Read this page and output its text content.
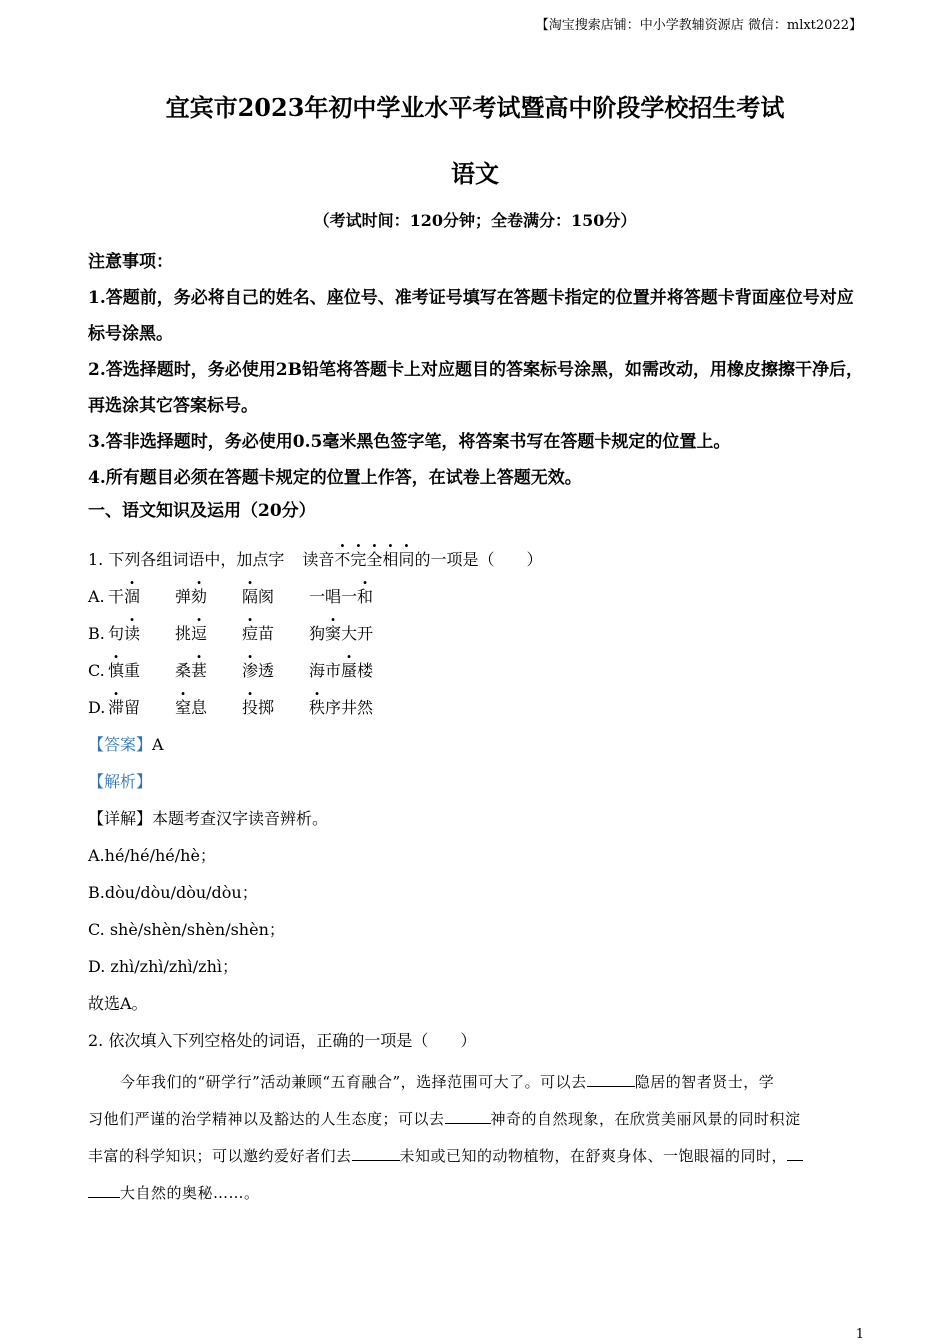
【淘宝搜索店铺：中小学教辅资源店 微信：mlxt2022】
宜宾市2023年初中学业水平考试暨高中阶段学校招生考试
语文
（考试时间：120分钟；全卷满分：150分）

注意事项：

1.答题前，务必将自己的姓名、座位号、准考证号填写在答题卡指定的位置并将答题卡背面座位号对应标号涂黑。

2.答选择题时，务必使用2B铅笔将答题卡上对应题目的答案标号涂黑，如需改动，用橡皮擦擦干净后，再选涂其它答案标号。

3.答非选择题时，务必使用0.5毫米黑色签字笔，将答案书写在答题卡规定的位置上。

4.所有题目必须在答题卡规定的位置上作答，在试卷上答题无效。

一、语文知识及运用（20分）
1. 下列各组词语中，加点字 读音不完全相同的一项是（　　）
A. 干涸	弹劾	隔阂	一唱一和
B. 句读	挑逗	痘苗	狗窦大开
C. 慎重	桑葚	渗透	海市蜃楼
D. 滞留	窒息	投掷	秩序井然
【答案】A
【解析】
【详解】本题考查汉字读音辨析。
A.hé/hé/hé/hè；
B.dòu/dòu/dòu/dòu；
C. shè/shèn/shèn/shèn；
D. zhì/zhì/zhì/zhì；
故选A。
2. 依次填入下列空格处的词语，正确的一项是（　　）

今年我们的“研学行”活动兼顾“五育融合”，选择范围可大了。可以去	隐居的智者贤士，学

习他们严谨的治学精神以及豁达的人生态度；可以去	神奇的自然现象，在欣赏美丽风景的同时积淀
丰富的科学知识；可以邀约爱好者们去	未知或已知的动物植物，在舒爽身体、一饱眼福的同时，
大自然的奥秘……。
1
